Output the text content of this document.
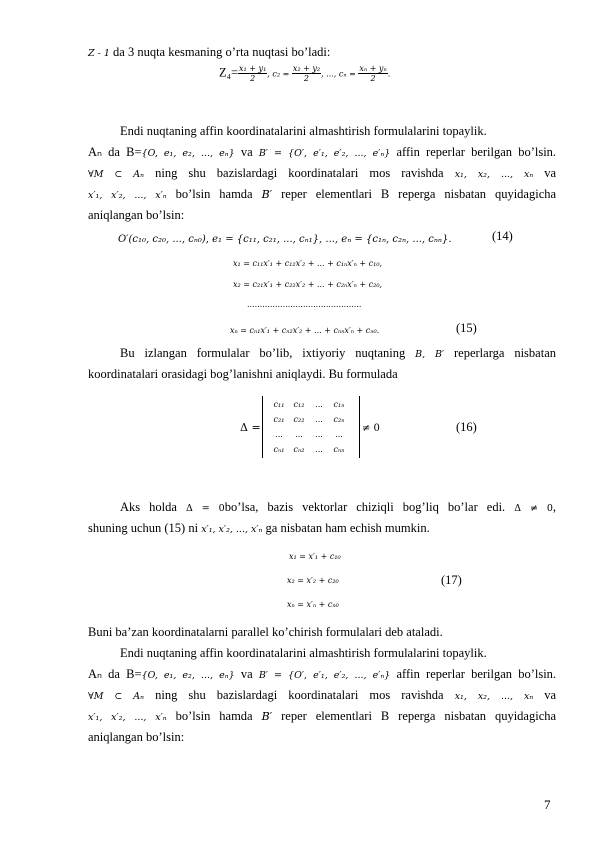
Z - 1 da 3 nuqta kesmaning o’rta nuqtasi bo’ladi:
$Z_4= \frac{\text{x₁ + y₁}}{2}$ , $c_2 = \frac{\text{x₂ + y₂}}{2}$ , ..., $c_n = \frac{\text{xₙ + yₙ}}{2}$ .
Endi nuqtaning affin koordinatalarini almashtirish formulalarini topaylik.
Aₙ da B={O, e₁, e₂, ..., eₙ} va B′ = {O′, e′₁, e′₂, ..., e′ₙ} affin reperlar berilgan bo’lsin.
∀M ⊂ Aₙ ning shu bazislardagi koordinatalari mos ravishda x₁, x₂, ..., xₙ va
x′₁, x′₂, ..., x′ₙ bo’lsin hamda B′ reper elementlari B reperga nisbatan quyidagicha
aniqlangan bo’lsin:
O′(c₁₀, c₂₀, ..., cₙ₀), e₁ = {c₁₁, c₂₁, ..., cₙ₁}, ..., eₙ = {c₁ₙ, c₂ₙ, ..., cₙₙ}.	(14)
x₁ = c₁₁x′₁ + c₁₂x′₂ + ... + c₁ₙx′ₙ + c₁₀,
x₂ = c₂₁x′₁ + c₂₂x′₂ + ... + c₂ₙx′ₙ + c₂₀,
.............................................
xₙ = cₙ₁x′₁ + cₙ₂x′₂ + ... + cₙₙx′ₙ + cₙ₀.	(15)
Bu izlangan formulalar bo’lib, ixtiyoriy nuqtaning B, B′ reperlarga nisbatan
koordinatalari orasidagi bog’lanishni aniqlaydi. Bu formulada
Δ =
c₁₁	c₁₂	...	c₁ₙ
c₂₁	c₂₂	...	c₂ₙ
...	...	...	...
cₙ₁	cₙ₂	...	cₙₙ
≠ 0	(16)
Aks holda Δ = 0bo’lsa, bazis vektorlar chiziqli bog’liq bo’lar edi. Δ ≠ 0,
shuning uchun (15) ni x′₁, x′₂, ..., x′ₙ ga nisbatan ham echish mumkin.
x₁ = x′₁ + c₁₀
x₂ = x′₂ + c₂₀	(17)
xₙ = x′ₙ + cₙ₀
Buni ba’zan koordinatalarni parallel ko’chirish formulalari deb ataladi.
Endi nuqtaning affin koordinatalarini almashtirish formulalarini topaylik.
Aₙ da B={O, e₁, e₂, ..., eₙ} va B′ = {O′, e′₁, e′₂, ..., e′ₙ} affin reperlar berilgan bo’lsin.
∀M ⊂ Aₙ ning shu bazislardagi koordinatalari mos ravishda x₁, x₂, ..., xₙ va
x′₁, x′₂, ..., x′ₙ bo’lsin hamda B′ reper elementlari B reperga nisbatan quyidagicha
aniqlangan bo’lsin:
7
